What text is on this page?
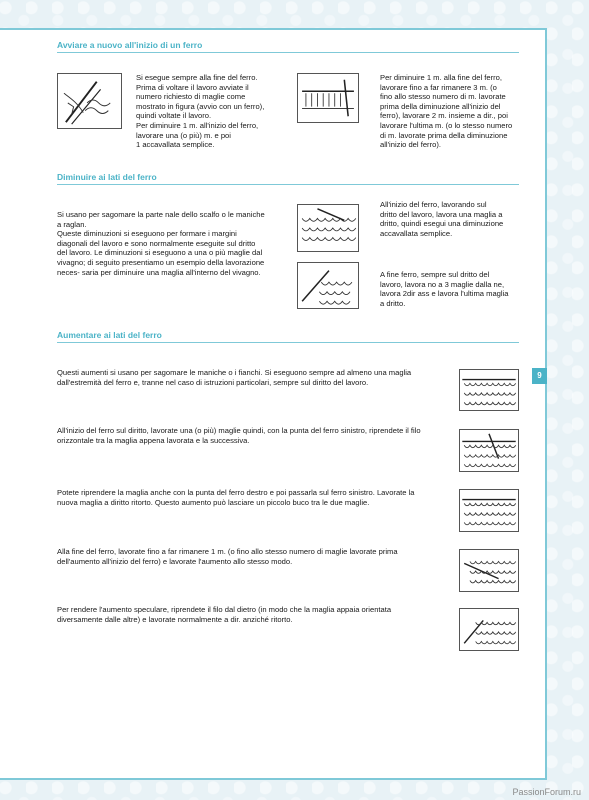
Avviare a nuovo all'inizio di un ferro
Si esegue sempre alla fine del ferro.
Prima di voltare il lavoro avviate il
numero richiesto di maglie come
mostrato in figura (avvio con un ferro),
quindi voltate il lavoro.
Per diminuire 1 m. all'inizio del ferro,
lavorare una (o più) m. e poi
1 accavallata semplice.
Per diminuire 1 m. alla fine del ferro,
lavorare fino a far rimanere 3 m. (o
fino allo stesso numero di m. lavorate
prima della diminuzione all'inizio del
ferro), lavorare 2 m. insieme a dir., poi
lavorare l'ultima m. (o lo stesso numero
di m. lavorate prima della diminuzione
all'inizio del ferro).
Diminuire ai lati del ferro
Si usano per sagomare la parte nale dello scalfo o le maniche
a raglan.
Queste diminuzioni si eseguono per formare i margini
diagonali del lavoro e sono normalmente eseguite sul dritto
del lavoro. Le diminuzioni si eseguono a una o più maglie dal
vivagno; di seguito presentiamo un esempio della lavorazione
neces- saria per diminuire una maglia all'interno del vivagno.
All'inizio del ferro, lavorando sul
dritto del lavoro, lavora una maglia a
dritto, quindi esegui una diminuzione
accavallata semplice.
A fine ferro, sempre sul dritto del
lavoro, lavora no a 3 maglie dalla ne,
lavora 2dir ass e lavora l'ultima maglia
a dritto.
Aumentare ai lati del ferro
Questi aumenti si usano per sagomare le maniche o i fianchi. Si eseguono sempre ad almeno una maglia
dall'estremità del ferro e, tranne nel caso di istruzioni particolari, sempre sul diritto del lavoro.
All'inizio del ferro sul diritto, lavorate una (o più) maglie quindi, con la punta del ferro sinistro, riprendete il filo
orizzontale tra la maglia appena lavorata e la successiva.
Potete riprendere la maglia anche con la punta del ferro destro e poi passarla sul ferro sinistro. Lavorate la
nuova maglia a diritto ritorto. Questo aumento può lasciare un piccolo buco tra le due maglie.
Alla fine del ferro, lavorate fino a far rimanere 1 m. (o fino allo stesso numero di maglie lavorate prima
dell'aumento all'inizio del ferro) e lavorate l'aumento allo stesso modo.
Per rendere l'aumento speculare, riprendete il filo dal dietro (in modo che la maglia appaia orientata
diversamente dalle altre) e lavorate normalmente a dir. anziché ritorto.
9
PassionForum.ru
